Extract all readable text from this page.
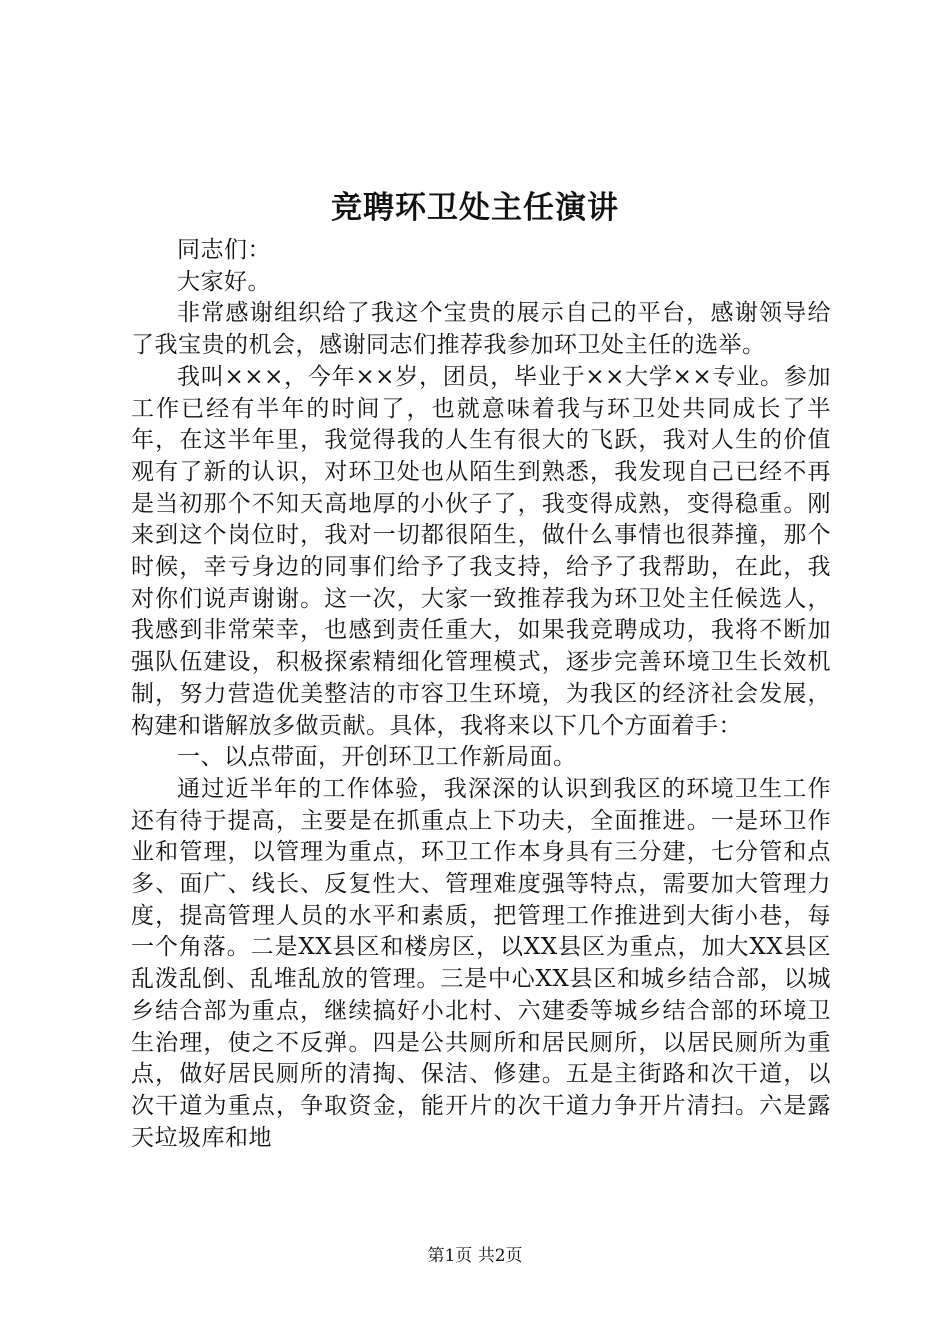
竞聘环卫处主任演讲

同志们：

大家好。

非常感谢组织给了我这个宝贵的展示自己的平台，感谢领导给了我宝贵的机会，感谢同志们推荐我参加环卫处主任的选举。

我叫×××，今年××岁，团员，毕业于××大学××专业。参加工作已经有半年的时间了，也就意味着我与环卫处共同成长了半年，在这半年里，我觉得我的人生有很大的飞跃，我对人生的价值观有了新的认识，对环卫处也从陌生到熟悉，我发现自己已经不再是当初那个不知天高地厚的小伙子了，我变得成熟，变得稳重。刚来到这个岗位时，我对一切都很陌生，做什么事情也很莽撞，那个时候，幸亏身边的同事们给予了我支持，给予了我帮助，在此，我对你们说声谢谢。这一次，大家一致推荐我为环卫处主任候选人，我感到非常荣幸，也感到责任重大，如果我竞聘成功，我将不断加强队伍建设，积极探索精细化管理模式，逐步完善环境卫生长效机制，努力营造优美整洁的市容卫生环境，为我区的经济社会发展，构建和谐解放多做贡献。具体，我将来以下几个方面着手：

一、以点带面，开创环卫工作新局面。

通过近半年的工作体验，我深深的认识到我区的环境卫生工作还有待于提高，主要是在抓重点上下功夫，全面推进。一是环卫作业和管理，以管理为重点，环卫工作本身具有三分建，七分管和点多、面广、线长、反复性大、管理难度强等特点，需要加大管理力度，提高管理人员的水平和素质，把管理工作推进到大街小巷，每一个角落。二是XX县区和楼房区，以XX县区为重点，加大XX县区乱泼乱倒、乱堆乱放的管理。三是中心XX县区和城乡结合部，以城乡结合部为重点，继续搞好小北村、六建委等城乡结合部的环境卫生治理，使之不反弹。四是公共厕所和居民厕所，以居民厕所为重点，做好居民厕所的清掏、保洁、修建。五是主街路和次干道，以次干道为重点，争取资金，能开片的次干道力争开片清扫。六是露天垃圾库和地

第1页 共2页
